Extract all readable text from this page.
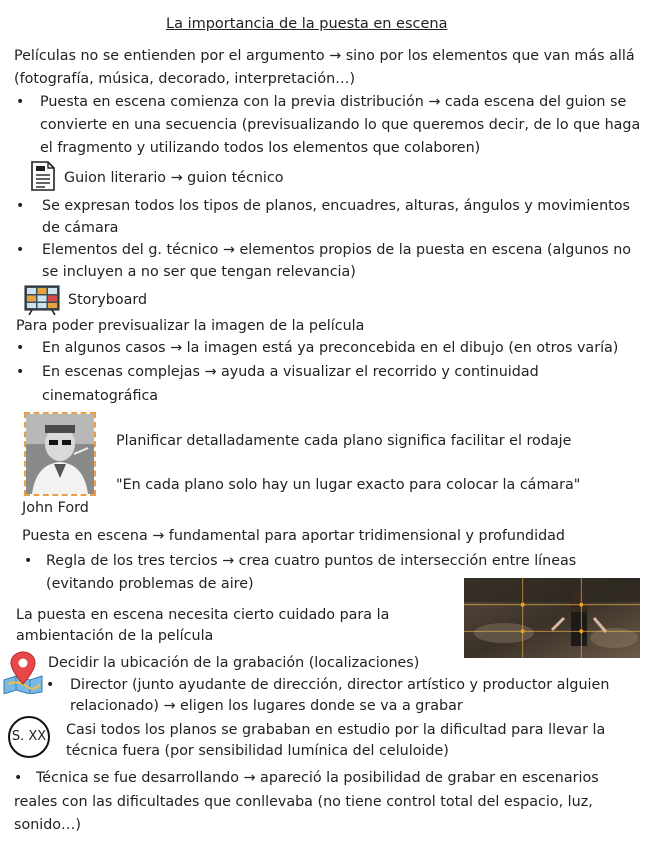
La importancia de la puesta en escena
Películas no se entienden por el argumento → sino por los elementos que van más allá
(fotografía, música, decorado, interpretación…)
• Puesta en escena comienza con la previa distribución → cada escena del guion se
convierte en una secuencia (previsualizando lo que queremos decir, de lo que haga
el fragmento y utilizando todos los elementos que colaboren)
Guion literario → guion técnico
• Se expresan todos los tipos de planos, encuadres, alturas, ángulos y movimientos
de cámara
• Elementos del g. técnico → elementos propios de la puesta en escena (algunos no
se incluyen a no ser que tengan relevancia)
Storyboard
Para poder previsualizar la imagen de la película
• En algunos casos → la imagen está ya preconcebida en el dibujo (en otros varía)
• En escenas complejas → ayuda a visualizar el recorrido y continuidad
cinematográfica
John Ford
Planificar detalladamente cada plano significa facilitar el rodaje
"En cada plano solo hay un lugar exacto para colocar la cámara"
Puesta en escena → fundamental para aportar tridimensional y profundidad
• Regla de los tres tercios → crea cuatro puntos de intersección entre líneas
(evitando problemas de aire)
La puesta en escena necesita cierto cuidado para la
ambientación de la película
Decidir la ubicación de la grabación (localizaciones)
• Director (junto ayudante de dirección, director artístico y productor alguien
relacionado) → eligen los lugares donde se va a grabar
S. XX Casi todos los planos se grababan en estudio por la dificultad para llevar la
técnica fuera (por sensibilidad lumínica del celuloide)
• Técnica se fue desarrollando → apareció la posibilidad de grabar en escenarios
reales con las dificultades que conllevaba (no tiene control total del espacio, luz,
sonido…)
